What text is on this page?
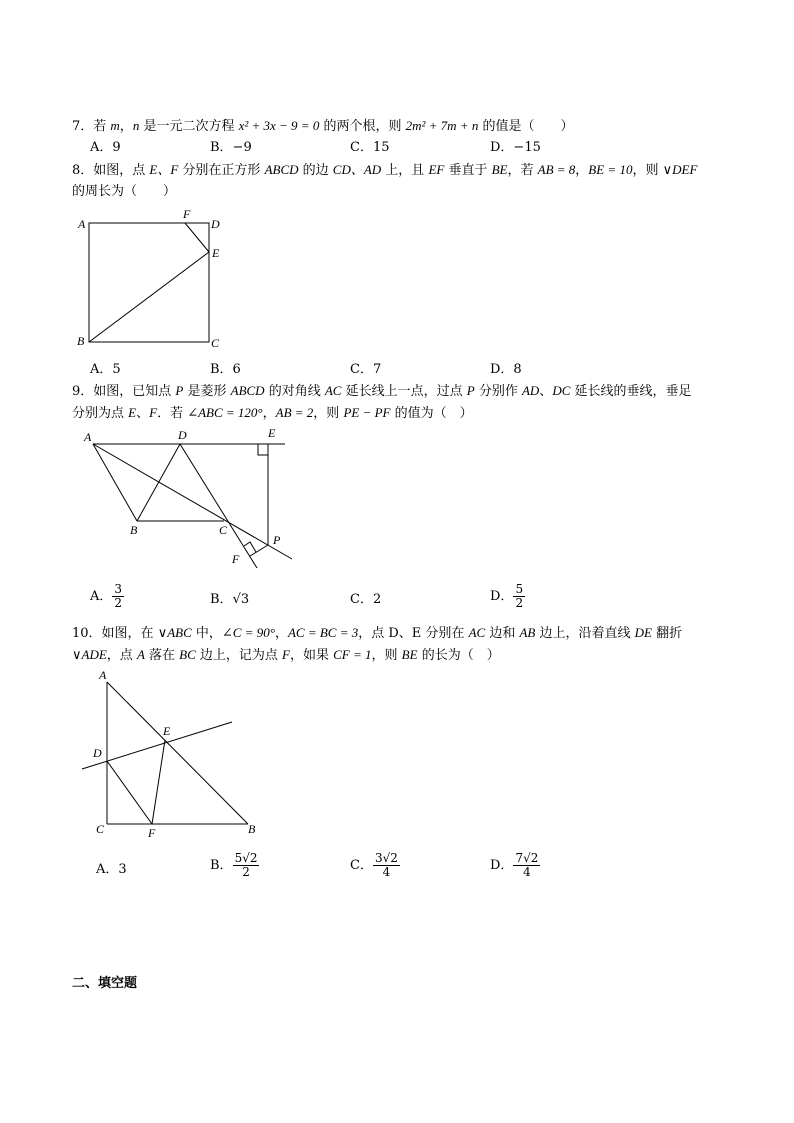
7．若 m，n 是一元二次方程 x² + 3x − 9 = 0 的两个根，则 2m² + 7m + n 的值是（　　）
A．9	B．−9	C．15	D．−15
8．如图，点 E、F 分别在正方形 ABCD 的边 CD、AD 上，且 EF 垂直于 BE，若 AB = 8，BE = 10，则 ∨DEF
的周长为（　　）
A
F
D
E
B	C
A．5	B．6	C．7	D．8
9．如图，已知点 P 是菱形 ABCD 的对角线 AC 延长线上一点，过点 P 分别作 AD、DC 延长线的垂线，垂足
分别为点 E、F．若 ∠ABC = 120°，AB = 2，则 PE − PF 的值为（　）
A	D	E
B	C
P
F
A． $\frac{3}{2}$	B．√3	C．2	D． $\frac{5}{2}$
10．如图，在 ∨ABC 中，∠C = 90°，AC = BC = 3，点 D、E 分别在 AC 边和 AB 边上，沿着直线 DE 翻折
∨ADE，点 A 落在 BC 边上，记为点 F，如果 CF = 1，则 BE 的长为（　）
A
E
D
C	F	B
A．3	B． $\frac{5√2}{2}$	C． $\frac{3√2}{4}$	D． $\frac{7√2}{4}$
二、填空题
